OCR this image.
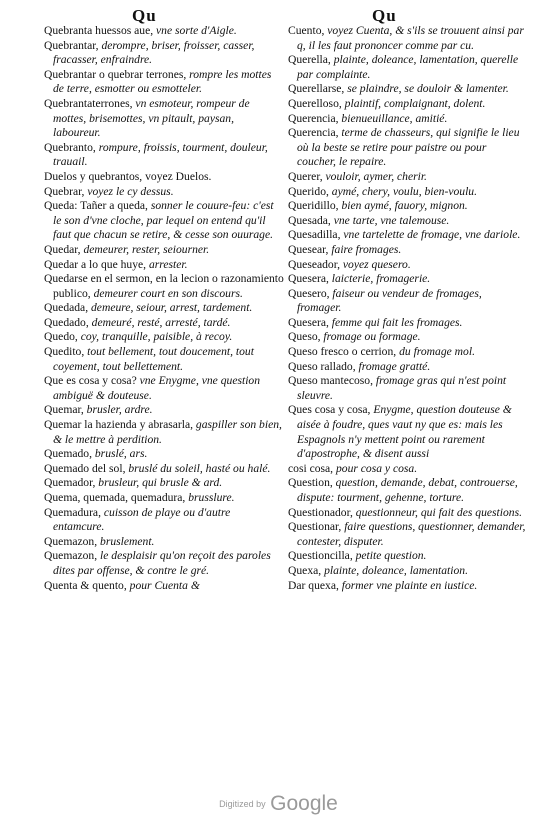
Qu	Qu
Quebranta huessos aue, vne sorte d'Aigle.
Quebrantar, derompre, briser, froisser, casser, fracasser, enfraindre.
Quebrantar o quebrar terrones, rompre les mottes de terre, esmotter ou esmotteler.
Quebrantaterrones, vn esmoteur, rompeur de mottes, brisemottes, vn pitault, paysan, laboureur.
Quebranto, rompure, froissis, tourment, douleur, trauail.
Duelos y quebrantos, voyez Duelos.
Quebrar, voyez le cy dessus.
Queda: Tañer a queda, sonner le couure-feu: c'est le son d'vne cloche, par lequel on entend qu'il faut que chacun se retire, & cesse son ouurage.
Quedar, demeurer, rester, seiourner.
Quedar a lo que huye, arrester.
Quedarse en el sermon, en la lecion o razonamiento publico, demeurer court en son discours.
Quedada, demeure, seiour, arrest, tardement.
Quedado, demeuré, resté, arresté, tardé.
Quedo, coy, tranquille, paisible, à recoy.
Quedito, tout bellement, tout doucement, tout coyement, tout bellettement.
Que es cosa y cosa? vne Enygme, vne question ambiguë & douteuse.
Quemar, brusler, ardre.
Quemar la hazienda y abrasarla, gaspiller son bien, & le mettre à perdition.
Quemado, bruslé, ars.
Quemado del sol, bruslé du soleil, hasté ou halé.
Quemador, brusleur, qui brusle & ard.
Quema, quemada, quemadura, brusslure.
Quemadura, cuisson de playe ou d'autre entamcure.
Quemazon, bruslement.
Quemazon, le desplaisir qu'on reçoit des paroles dites par offense, & contre le gré.
Quenta & quento, pour Cuenta &
Cuento, voyez Cuenta, & s'ils se trouuent ainsi par q, il les faut prononcer comme par cu.
Querella, plainte, doleance, lamentation, querelle par complainte.
Querellarse, se plaindre, se douloir & lamenter.
Querelloso, plaintif, complaignant, dolent.
Querencia, bienueuillance, amitié.
Querencia, terme de chasseurs, qui signifie le lieu où la beste se retire pour paistre ou pour coucher, le repaire.
Querer, vouloir, aymer, cherir.
Querido, aymé, chery, voulu, bien-voulu.
Queridillo, bien aymé, fauory, mignon.
Quesada, vne tarte, vne talemouse.
Quesadilla, vne tartelette de fromage, vne dariole.
Quesear, faire fromages.
Queseador, voyez quesero.
Quesera, laicterie, fromagerie.
Quesero, faiseur ou vendeur de fromages, fromager.
Quesera, femme qui fait les fromages.
Queso, fromage ou formage.
Queso fresco o cerrion, du fromage mol.
Queso rallado, fromage gratté.
Queso mantecoso, fromage gras qui n'est point sleuvre.
Ques cosa y cosa, Enygme, question douteuse & aisée à foudre, ques vaut ny que es: mais les Espagnols n'y mettent point ou rarement d'apostrophe, & disent aussi
cosi cosa, pour cosa y cosa.
Question, question, demande, debat, controuerse, dispute: tourment, gehenne, torture.
Questionador, questionneur, qui fait des questions.
Questionar, faire questions, questionner, demander, contester, disputer.
Questioncilla, petite question.
Quexa, plainte, doleance, lamentation.
Dar quexa, former vne plainte en iustice.
Digitized by Google
